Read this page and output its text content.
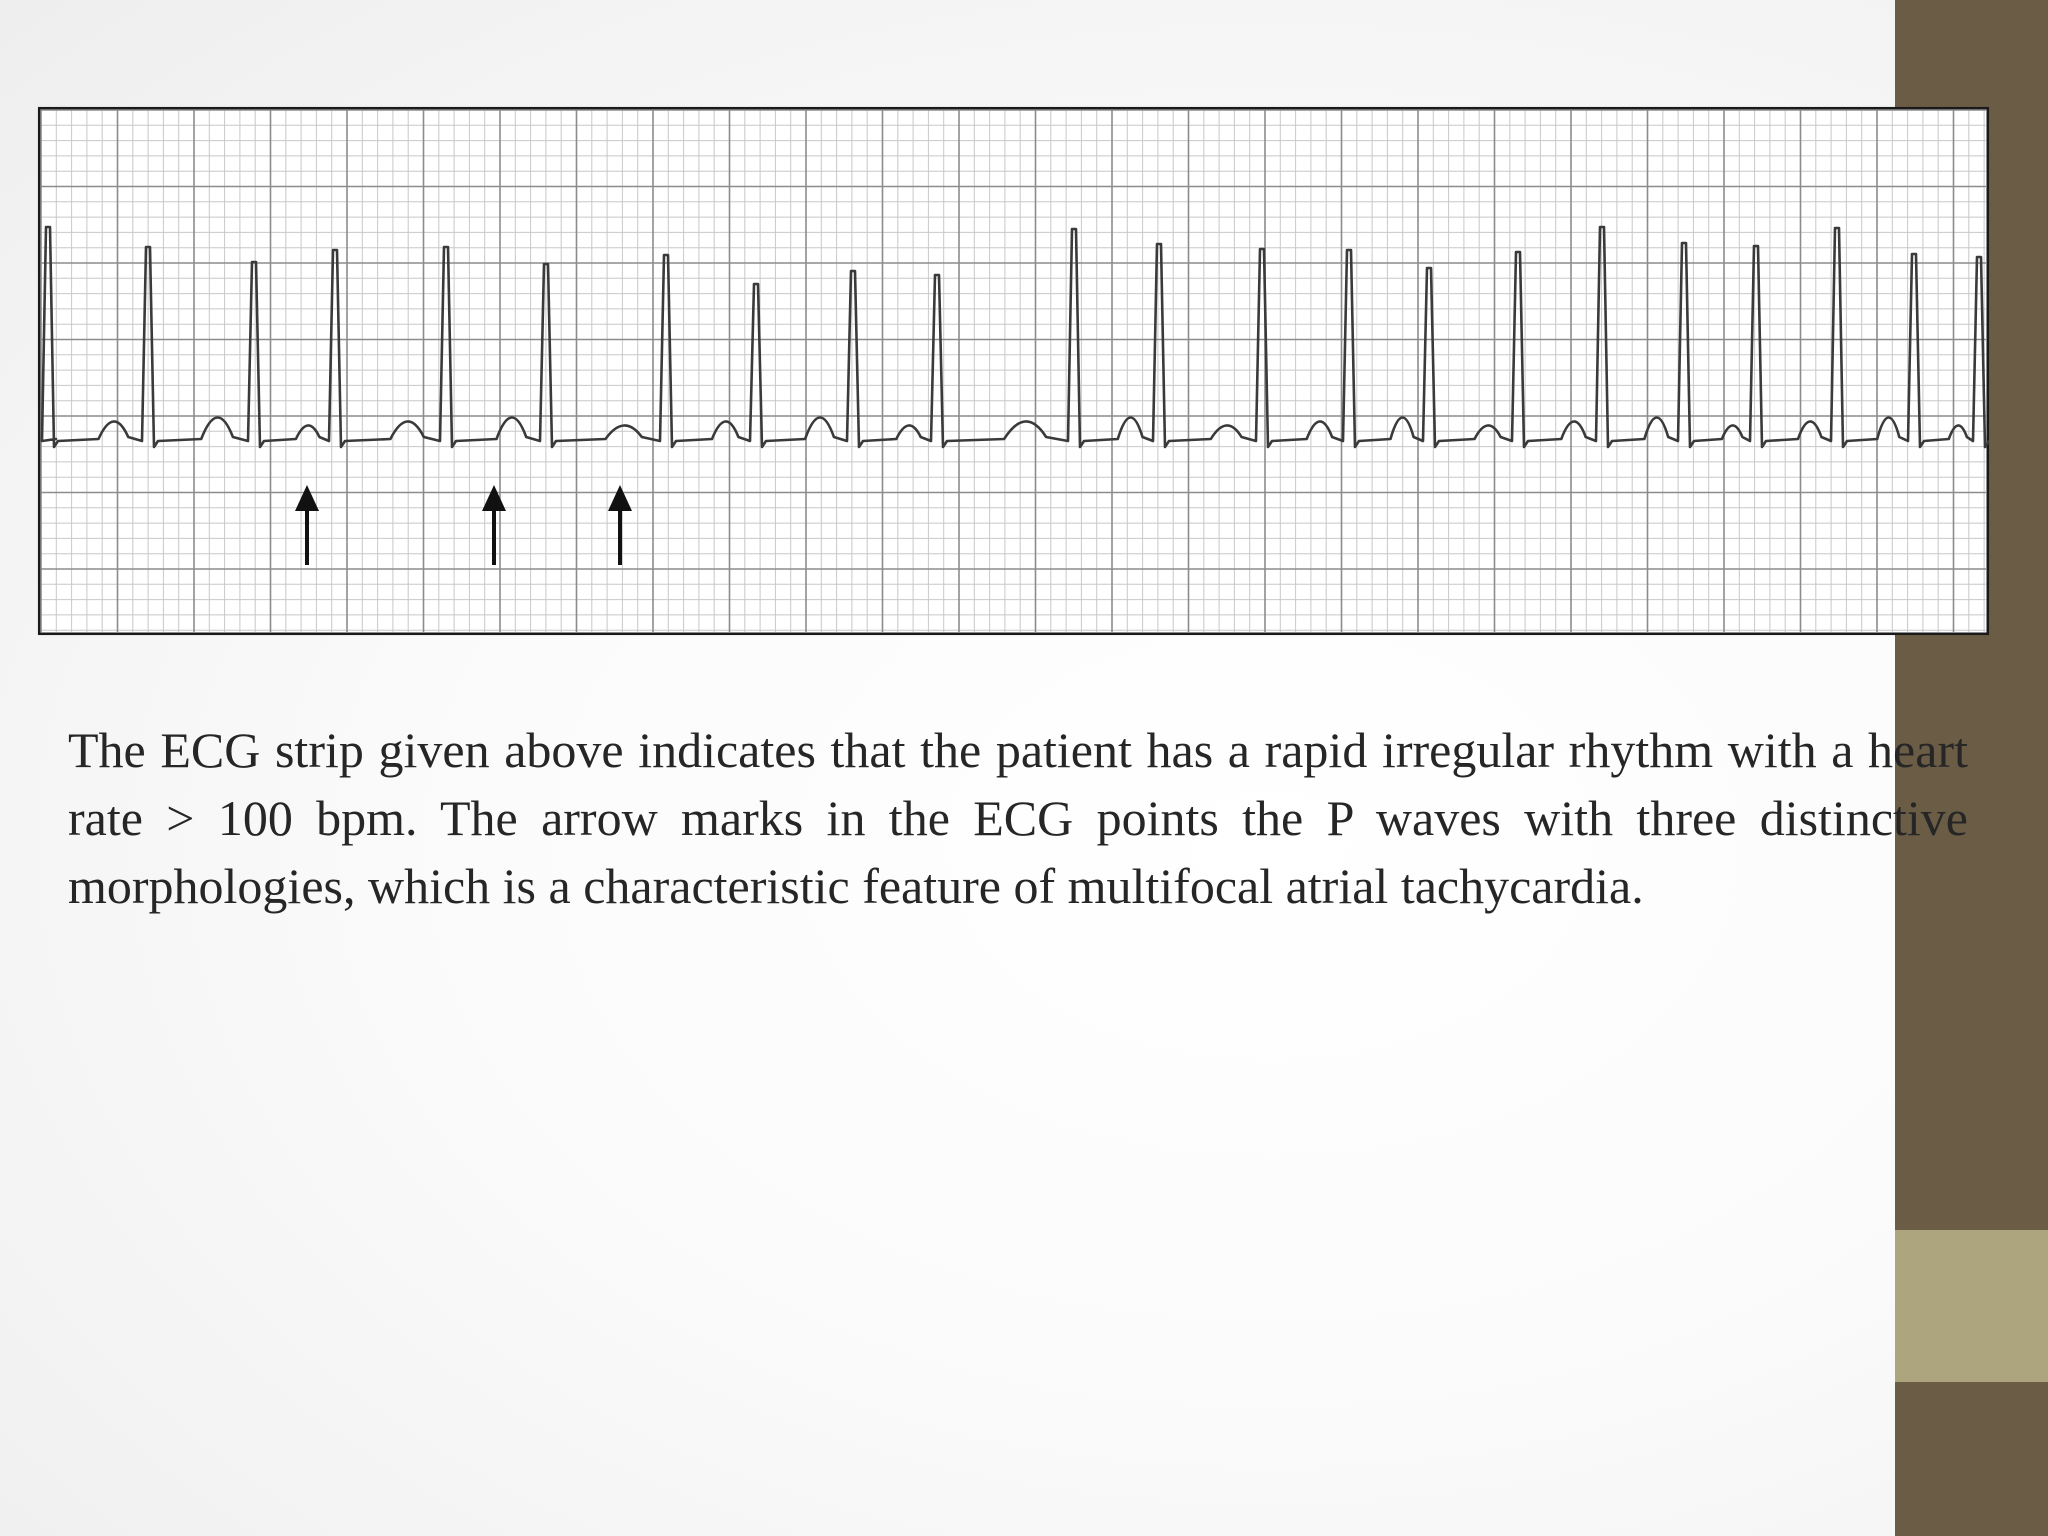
The ECG strip given above indicates that the patient has a rapid irregular rhythm with a heart rate > 100 bpm. The arrow marks in the ECG points the P waves with three distinctive morphologies, which is a characteristic feature of multifocal atrial tachycardia.
